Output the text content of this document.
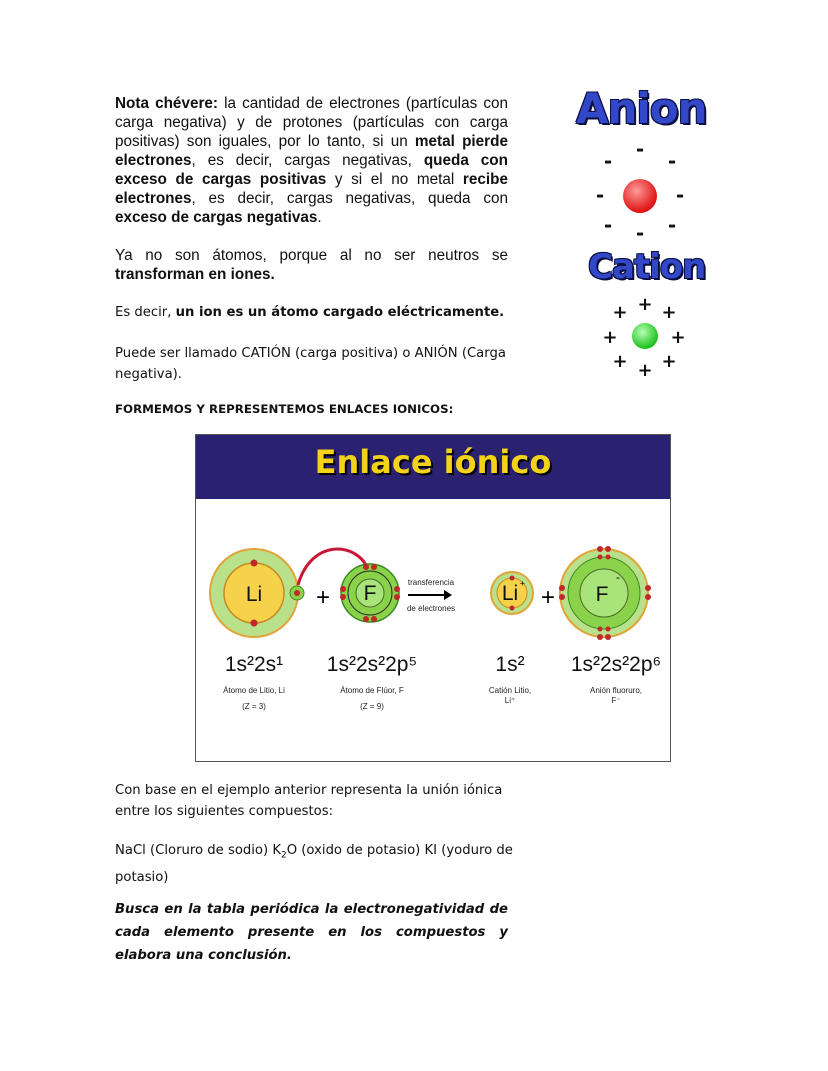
Nota chévere: la cantidad de electrones (partículas con carga negativa) y de protones (partículas con carga positivas) son iguales, por lo tanto, si un metal pierde electrones, es decir, cargas negativas, queda con exceso de cargas positivas y si el no metal recibe electrones, es decir, cargas negativas, queda con exceso de cargas negativas.
Ya no son átomos, porque al no ser neutros se transforman en iones.
Es decir, un ion es un átomo cargado eléctricamente.
Puede ser llamado CATIÓN (carga positiva) o ANIÓN (Carga negativa).
FORMEMOS Y REPRESENTEMOS ENLACES IONICOS:
Anion
-
-	-
-	-
-	-
-
Cation
+
+ +
+	+
+ +
+
Enlace iónico
Li + F	transferencia
de electrones
Li +
+ F
-
1s²2s¹ 1s²2s²2p⁵	1s² 1s²2s²2p⁶
Átomo de Litio, Li
(Z = 3)
Átomo de Flúor, F
(Z = 9)
Catión Litio,
Li⁺
Anión fluoruro,
F⁻
Con base en el ejemplo anterior representa la unión iónica entre los siguientes compuestos:
NaCl (Cloruro de sodio) $K_2O$ (oxido de potasio) KI (yoduro de potasio)
Busca en la tabla periódica la electronegatividad de cada elemento presente en los compuestos y elabora una conclusión.
